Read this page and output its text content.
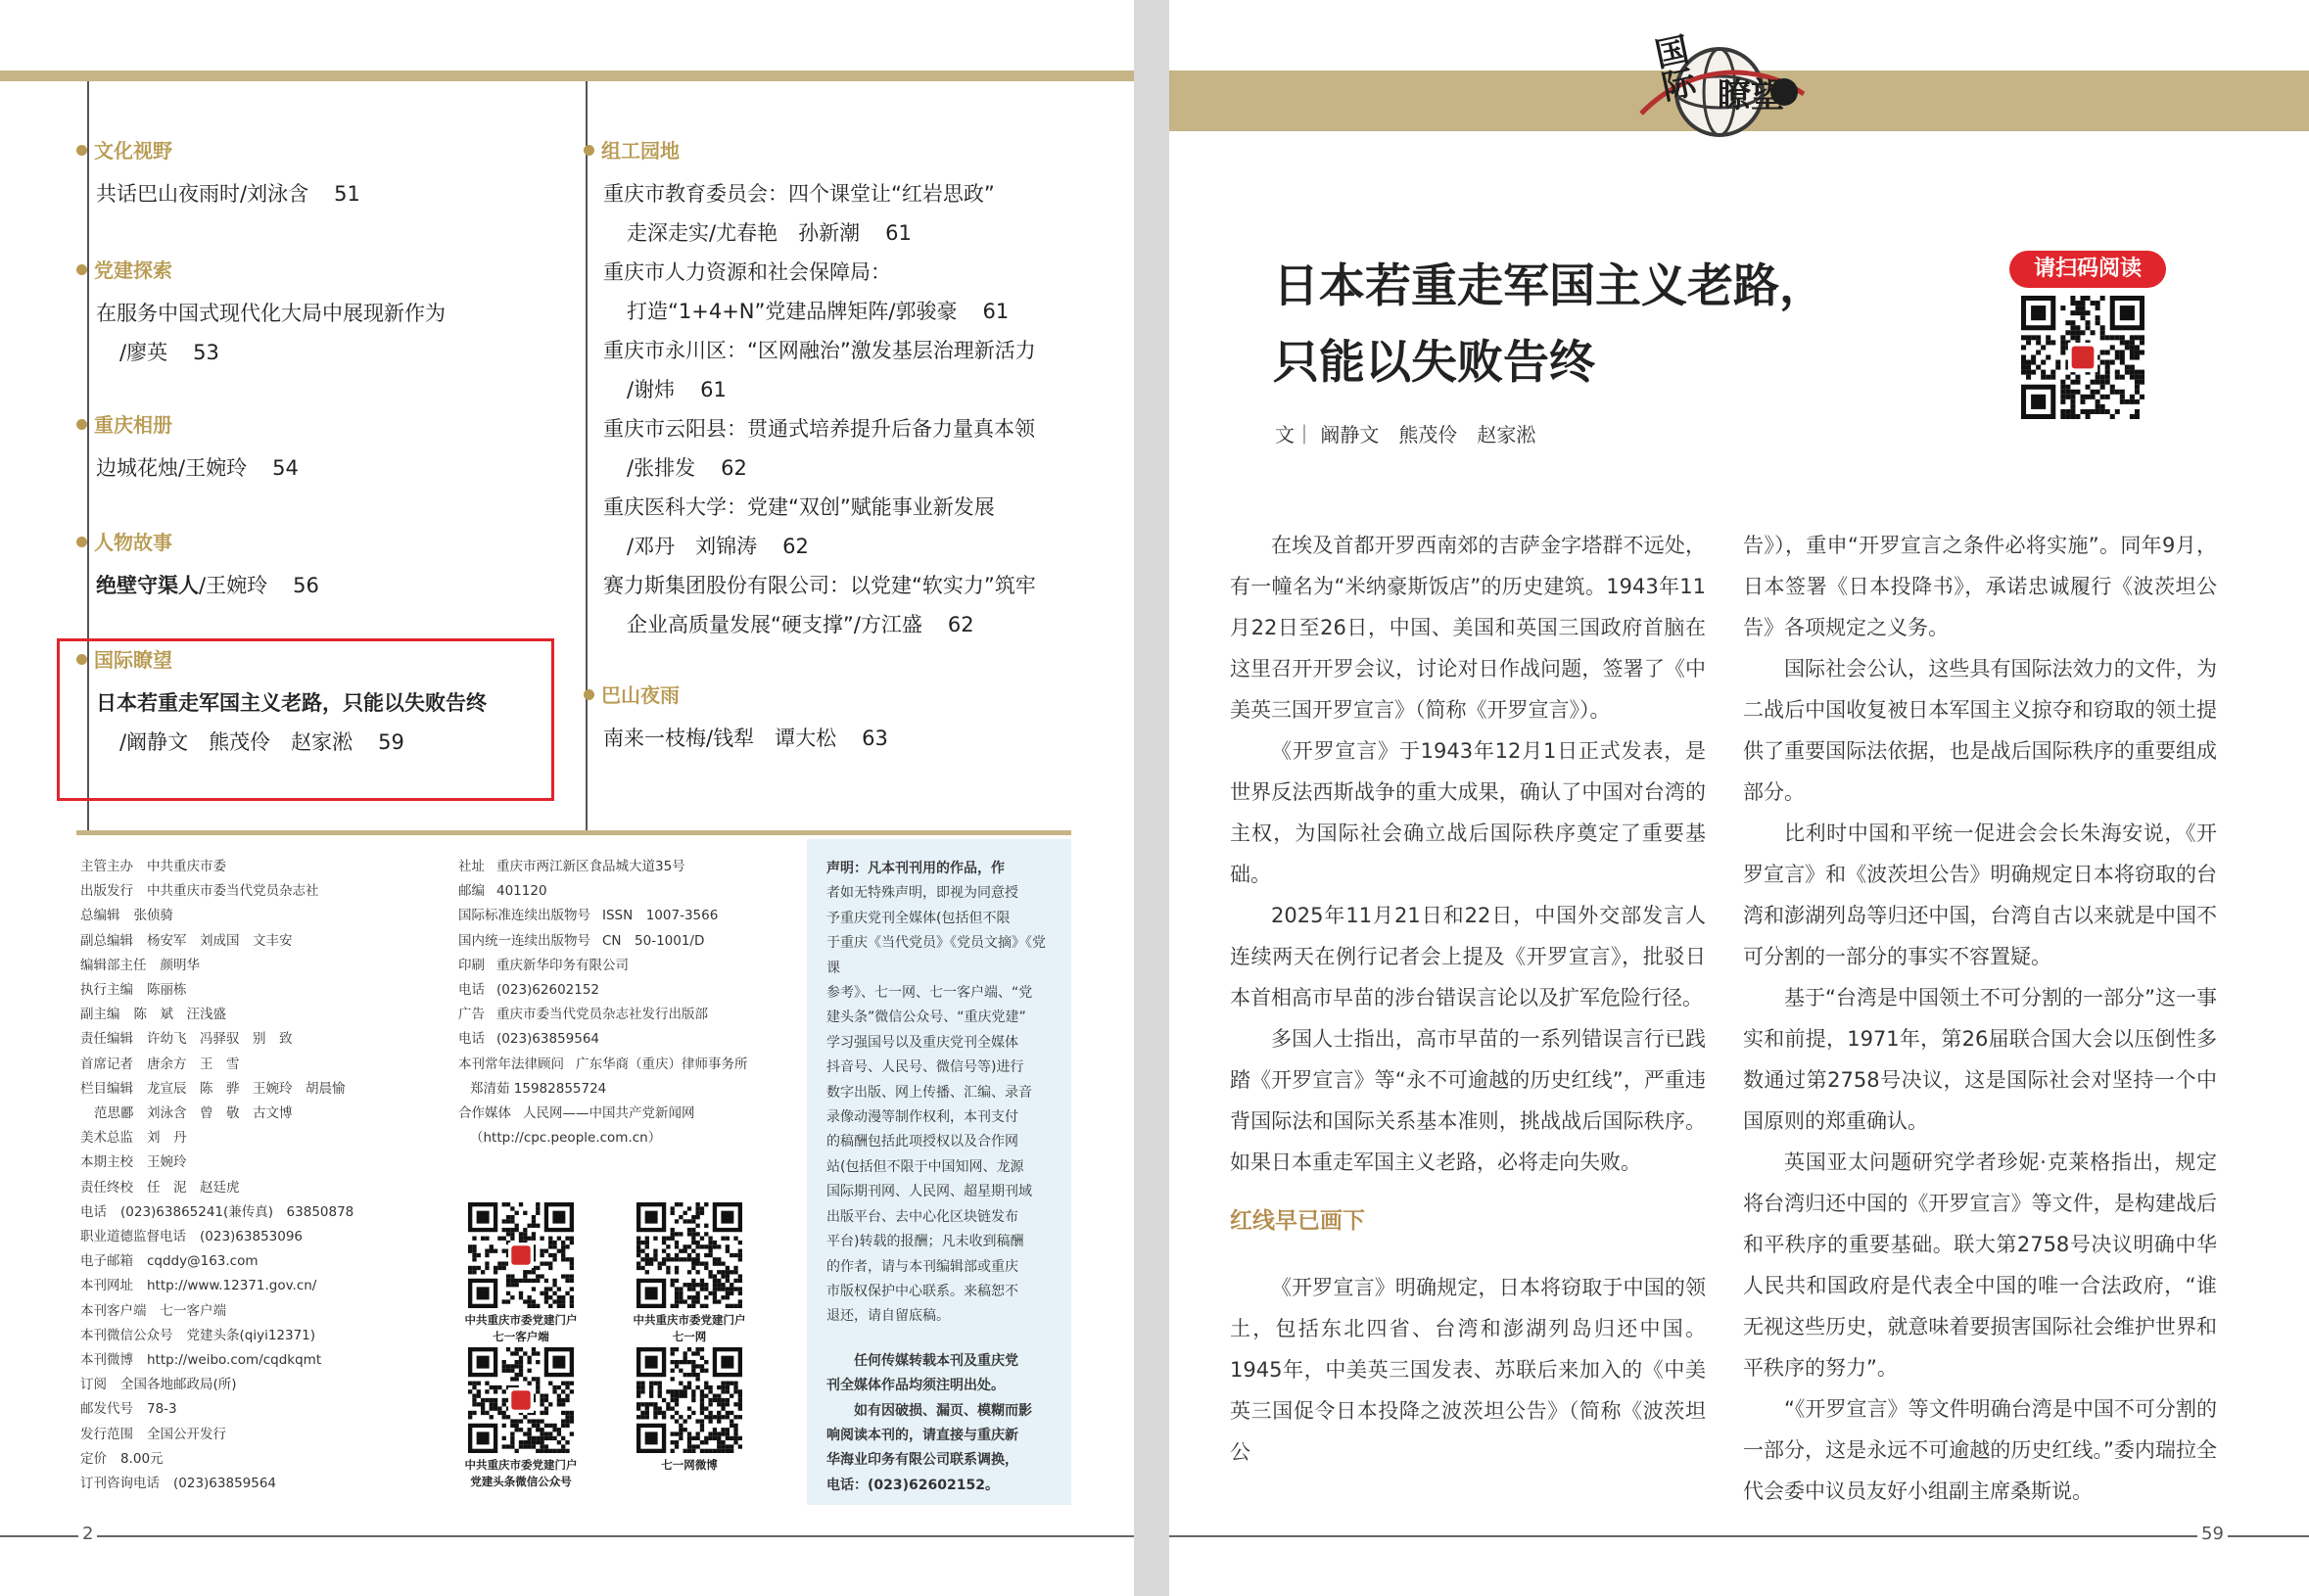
文化视野
共话巴山夜雨时/刘泳含 51
党建探索
在服务中国式现代化大局中展现新作为
/廖英 53
重庆相册
边城花烛/王婉玲 54
人物故事
绝壁守渠人/王婉玲 56
国际瞭望
日本若重走军国主义老路，只能以失败告终
/阚静文　熊茂伶　赵家淞 59
组工园地
重庆市教育委员会：四个课堂让“红岩思政”
走深走实/尤春艳　孙新潮 61
重庆市人力资源和社会保障局：
打造“1+4+N”党建品牌矩阵/郭骏豪 61
重庆市永川区：“区网融治”激发基层治理新活力
/谢炜 61
重庆市云阳县：贯通式培养提升后备力量真本领
/张排发 62
重庆医科大学：党建“双创”赋能事业新发展
/邓丹　刘锦涛 62
赛力斯集团股份有限公司：以党建“软实力”筑牢
企业高质量发展“硬支撑”/方江盛 62
巴山夜雨
南来一枝梅/钱犁　谭大松 63
主管主办 中共重庆市委
出版发行 中共重庆市委当代党员杂志社
总编辑 张侦骑
副总编辑 杨安军　刘成国　文丰安
编辑部主任 颜明华
执行主编 陈丽栋
副主编 陈　斌　汪浅盛
责任编辑 许幼飞　冯驿驭　别　致
首席记者 唐余方　王　雪
栏目编辑 龙宣辰　陈　骅　王婉玲　胡晨愉
范思酈　刘泳含　曾　敬　古文博
美术总监 刘　丹
本期主校 王婉玲
责任终校 任　泥　赵廷虎
电话 (023)63865241(兼传真)　63850878
职业道德监督电话 (023)63853096
电子邮箱 cqddy@163.com
本刊网址 http://www.12371.gov.cn/
本刊客户端 七一客户端
本刊微信公众号 党建头条(qiyi12371)
本刊微博 http://weibo.com/cqdkqmt
订阅 全国各地邮政局(所)
邮发代号 78-3
发行范围 全国公开发行
定价 8.00元
订刊咨询电话 (023)63859564
社址 重庆市两江新区食品城大道35号
邮编 401120
国际标准连续出版物号 ISSN　1007-3566
国内统一连续出版物号 CN　50-1001/D
印刷 重庆新华印务有限公司
电话 (023)62602152
广告 重庆市委当代党员杂志社发行出版部
电话 (023)63859564
本刊常年法律顾问 广东华商（重庆）律师事务所
郑清茹 15982855724
合作媒体 人民网——中国共产党新闻网
（http://cpc.people.com.cn）
中共重庆市委党建门户
七一客户端
中共重庆市委党建门户
七一网
中共重庆市委党建门户
党建头条微信公众号
七一网微博
声明：凡本刊刊用的作品，作
者如无特殊声明，即视为同意授
予重庆党刊全媒体(包括但不限
于重庆《当代党员》《党员文摘》《党课
参考》、七一网、七一客户端、“党
建头条”微信公众号、“重庆党建”
学习强国号以及重庆党刊全媒体
抖音号、人民号、微信号等)进行
数字出版、网上传播、汇编、录音
录像动漫等制作权利，本刊支付
的稿酬包括此项授权以及合作网
站(包括但不限于中国知网、龙源
国际期刊网、人民网、超星期刊域
出版平台、去中心化区块链发布
平台)转载的报酬；凡未收到稿酬
的作者，请与本刊编辑部或重庆
市版权保护中心联系。来稿恕不
退还，请自留底稿。
任何传媒转载本刊及重庆党
刊全媒体作品均须注明出处。
如有因破损、漏页、模糊而影
响阅读本刊的，请直接与重庆新
华海业印务有限公司联系调换，
电话：(023)62602152。
2
国际 瞭望
日本若重走军国主义老路，
只能以失败告终
文｜ 阚静文　熊茂伶　赵家淞
请扫码阅读

在埃及首都开罗西南郊的吉萨金字塔群不远处，有一幢名为“米纳豪斯饭店”的历史建筑。1943年11月22日至26日，中国、美国和英国三国政府首脑在这里召开开罗会议，讨论对日作战问题，签署了《中美英三国开罗宣言》（简称《开罗宣言》）。

《开罗宣言》于1943年12月1日正式发表，是世界反法西斯战争的重大成果，确认了中国对台湾的主权，为国际社会确立战后国际秩序奠定了重要基础。

2025年11月21日和22日，中国外交部发言人连续两天在例行记者会上提及《开罗宣言》，批驳日本首相高市早苗的涉台错误言论以及扩军危险行径。

多国人士指出，高市早苗的一系列错误言行已践踏《开罗宣言》等“永不可逾越的历史红线”，严重违背国际法和国际关系基本准则，挑战战后国际秩序。如果日本重走军国主义老路，必将走向失败。

红线早已画下

《开罗宣言》明确规定，日本将窃取于中国的领土，包括东北四省、台湾和澎湖列岛归还中国。1945年，中美英三国发表、苏联后来加入的《中美英三国促令日本投降之波茨坦公告》（简称《波茨坦公

告》），重申“开罗宣言之条件必将实施”。同年9月，日本签署《日本投降书》，承诺忠诚履行《波茨坦公告》各项规定之义务。

国际社会公认，这些具有国际法效力的文件，为二战后中国收复被日本军国主义掠夺和窃取的领土提供了重要国际法依据，也是战后国际秩序的重要组成部分。

比利时中国和平统一促进会会长朱海安说，《开罗宣言》和《波茨坦公告》明确规定日本将窃取的台湾和澎湖列岛等归还中国，台湾自古以来就是中国不可分割的一部分的事实不容置疑。

基于“台湾是中国领土不可分割的一部分”这一事实和前提，1971年，第26届联合国大会以压倒性多数通过第2758号决议，这是国际社会对坚持一个中国原则的郑重确认。

英国亚太问题研究学者珍妮·克莱格指出，规定将台湾归还中国的《开罗宣言》等文件，是构建战后和平秩序的重要基础。联大第2758号决议明确中华人民共和国政府是代表全中国的唯一合法政府，“谁无视这些历史，就意味着要损害国际社会维护世界和平秩序的努力”。

“《开罗宣言》等文件明确台湾是中国不可分割的一部分，这是永远不可逾越的历史红线。”委内瑞拉全代会委中议员友好小组副主席桑斯说。

59
